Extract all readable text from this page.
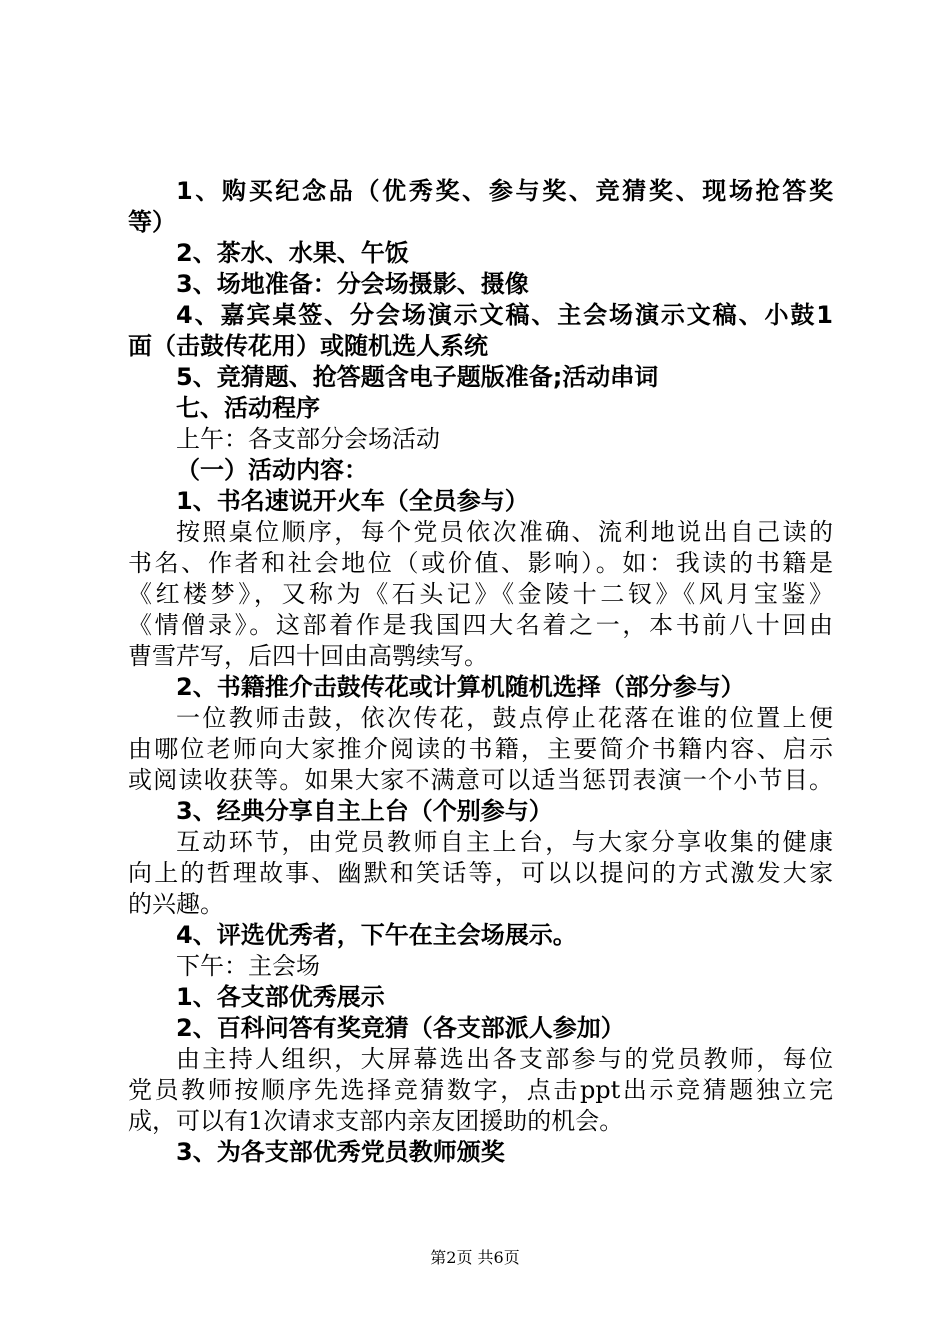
1、购买纪念品（优秀奖、参与奖、竞猜奖、现场抢答奖

等）

2、茶水、水果、午饭

3、场地准备：分会场摄影、摄像

4、嘉宾桌签、分会场演示文稿、主会场演示文稿、小鼓1

面（击鼓传花用）或随机选人系统

5、竞猜题、抢答题含电子题版准备;活动串词

七、活动程序

上午：各支部分会场活动

（一）活动内容：

1、书名速说开火车（全员参与）

按照桌位顺序，每个党员依次准确、流利地说出自己读的

书名、作者和社会地位（或价值、影响）。如：我读的书籍是

《红楼梦》，又称为《石头记》《金陵十二钗》《风月宝鉴》

《情僧录》。这部着作是我国四大名着之一，本书前八十回由

曹雪芹写，后四十回由高鹗续写。

2、书籍推介击鼓传花或计算机随机选择（部分参与）

一位教师击鼓，依次传花，鼓点停止花落在谁的位置上便

由哪位老师向大家推介阅读的书籍，主要简介书籍内容、启示

或阅读收获等。如果大家不满意可以适当惩罚表演一个小节目。

3、经典分享自主上台（个别参与）

互动环节，由党员教师自主上台，与大家分享收集的健康

向上的哲理故事、幽默和笑话等，可以以提问的方式激发大家

的兴趣。

4、评选优秀者，下午在主会场展示。

下午：主会场

1、各支部优秀展示

2、百科问答有奖竞猜（各支部派人参加）

由主持人组织，大屏幕选出各支部参与的党员教师，每位

党员教师按顺序先选择竞猜数字，点击ppt出示竞猜题独立完

成，可以有1次请求支部内亲友团援助的机会。

3、为各支部优秀党员教师颁奖

第2页 共6页
